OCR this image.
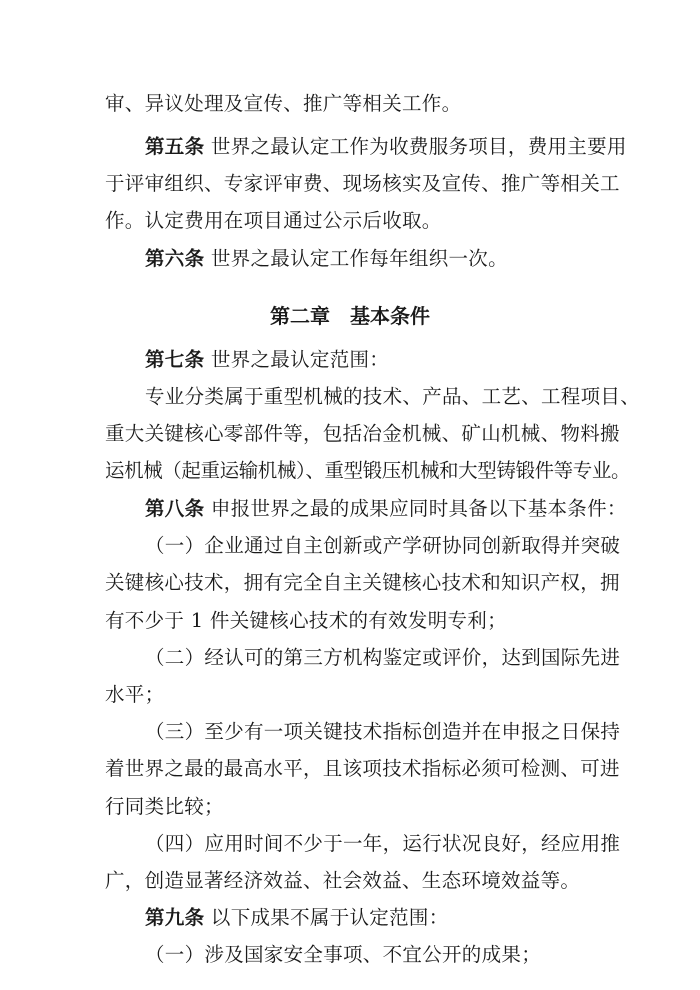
审、异议处理及宣传、推广等相关工作。
第五条 世界之最认定工作为收费服务项目，费用主要用
于评审组织、专家评审费、现场核实及宣传、推广等相关工
作。认定费用在项目通过公示后收取。
第六条 世界之最认定工作每年组织一次。
第二章　基本条件
第七条 世界之最认定范围：
专业分类属于重型机械的技术、产品、工艺、工程项目、
重大关键核心零部件等，包括冶金机械、矿山机械、物料搬
运机械（起重运输机械）、重型锻压机械和大型铸锻件等专业。
第八条 申报世界之最的成果应同时具备以下基本条件：
（一）企业通过自主创新或产学研协同创新取得并突破
关键核心技术，拥有完全自主关键核心技术和知识产权，拥
有不少于 1 件关键核心技术的有效发明专利；
（二）经认可的第三方机构鉴定或评价，达到国际先进
水平；
（三）至少有一项关键技术指标创造并在申报之日保持
着世界之最的最高水平，且该项技术指标必须可检测、可进
行同类比较；
（四）应用时间不少于一年，运行状况良好，经应用推
广，创造显著经济效益、社会效益、生态环境效益等。
第九条 以下成果不属于认定范围：
（一）涉及国家安全事项、不宜公开的成果；
